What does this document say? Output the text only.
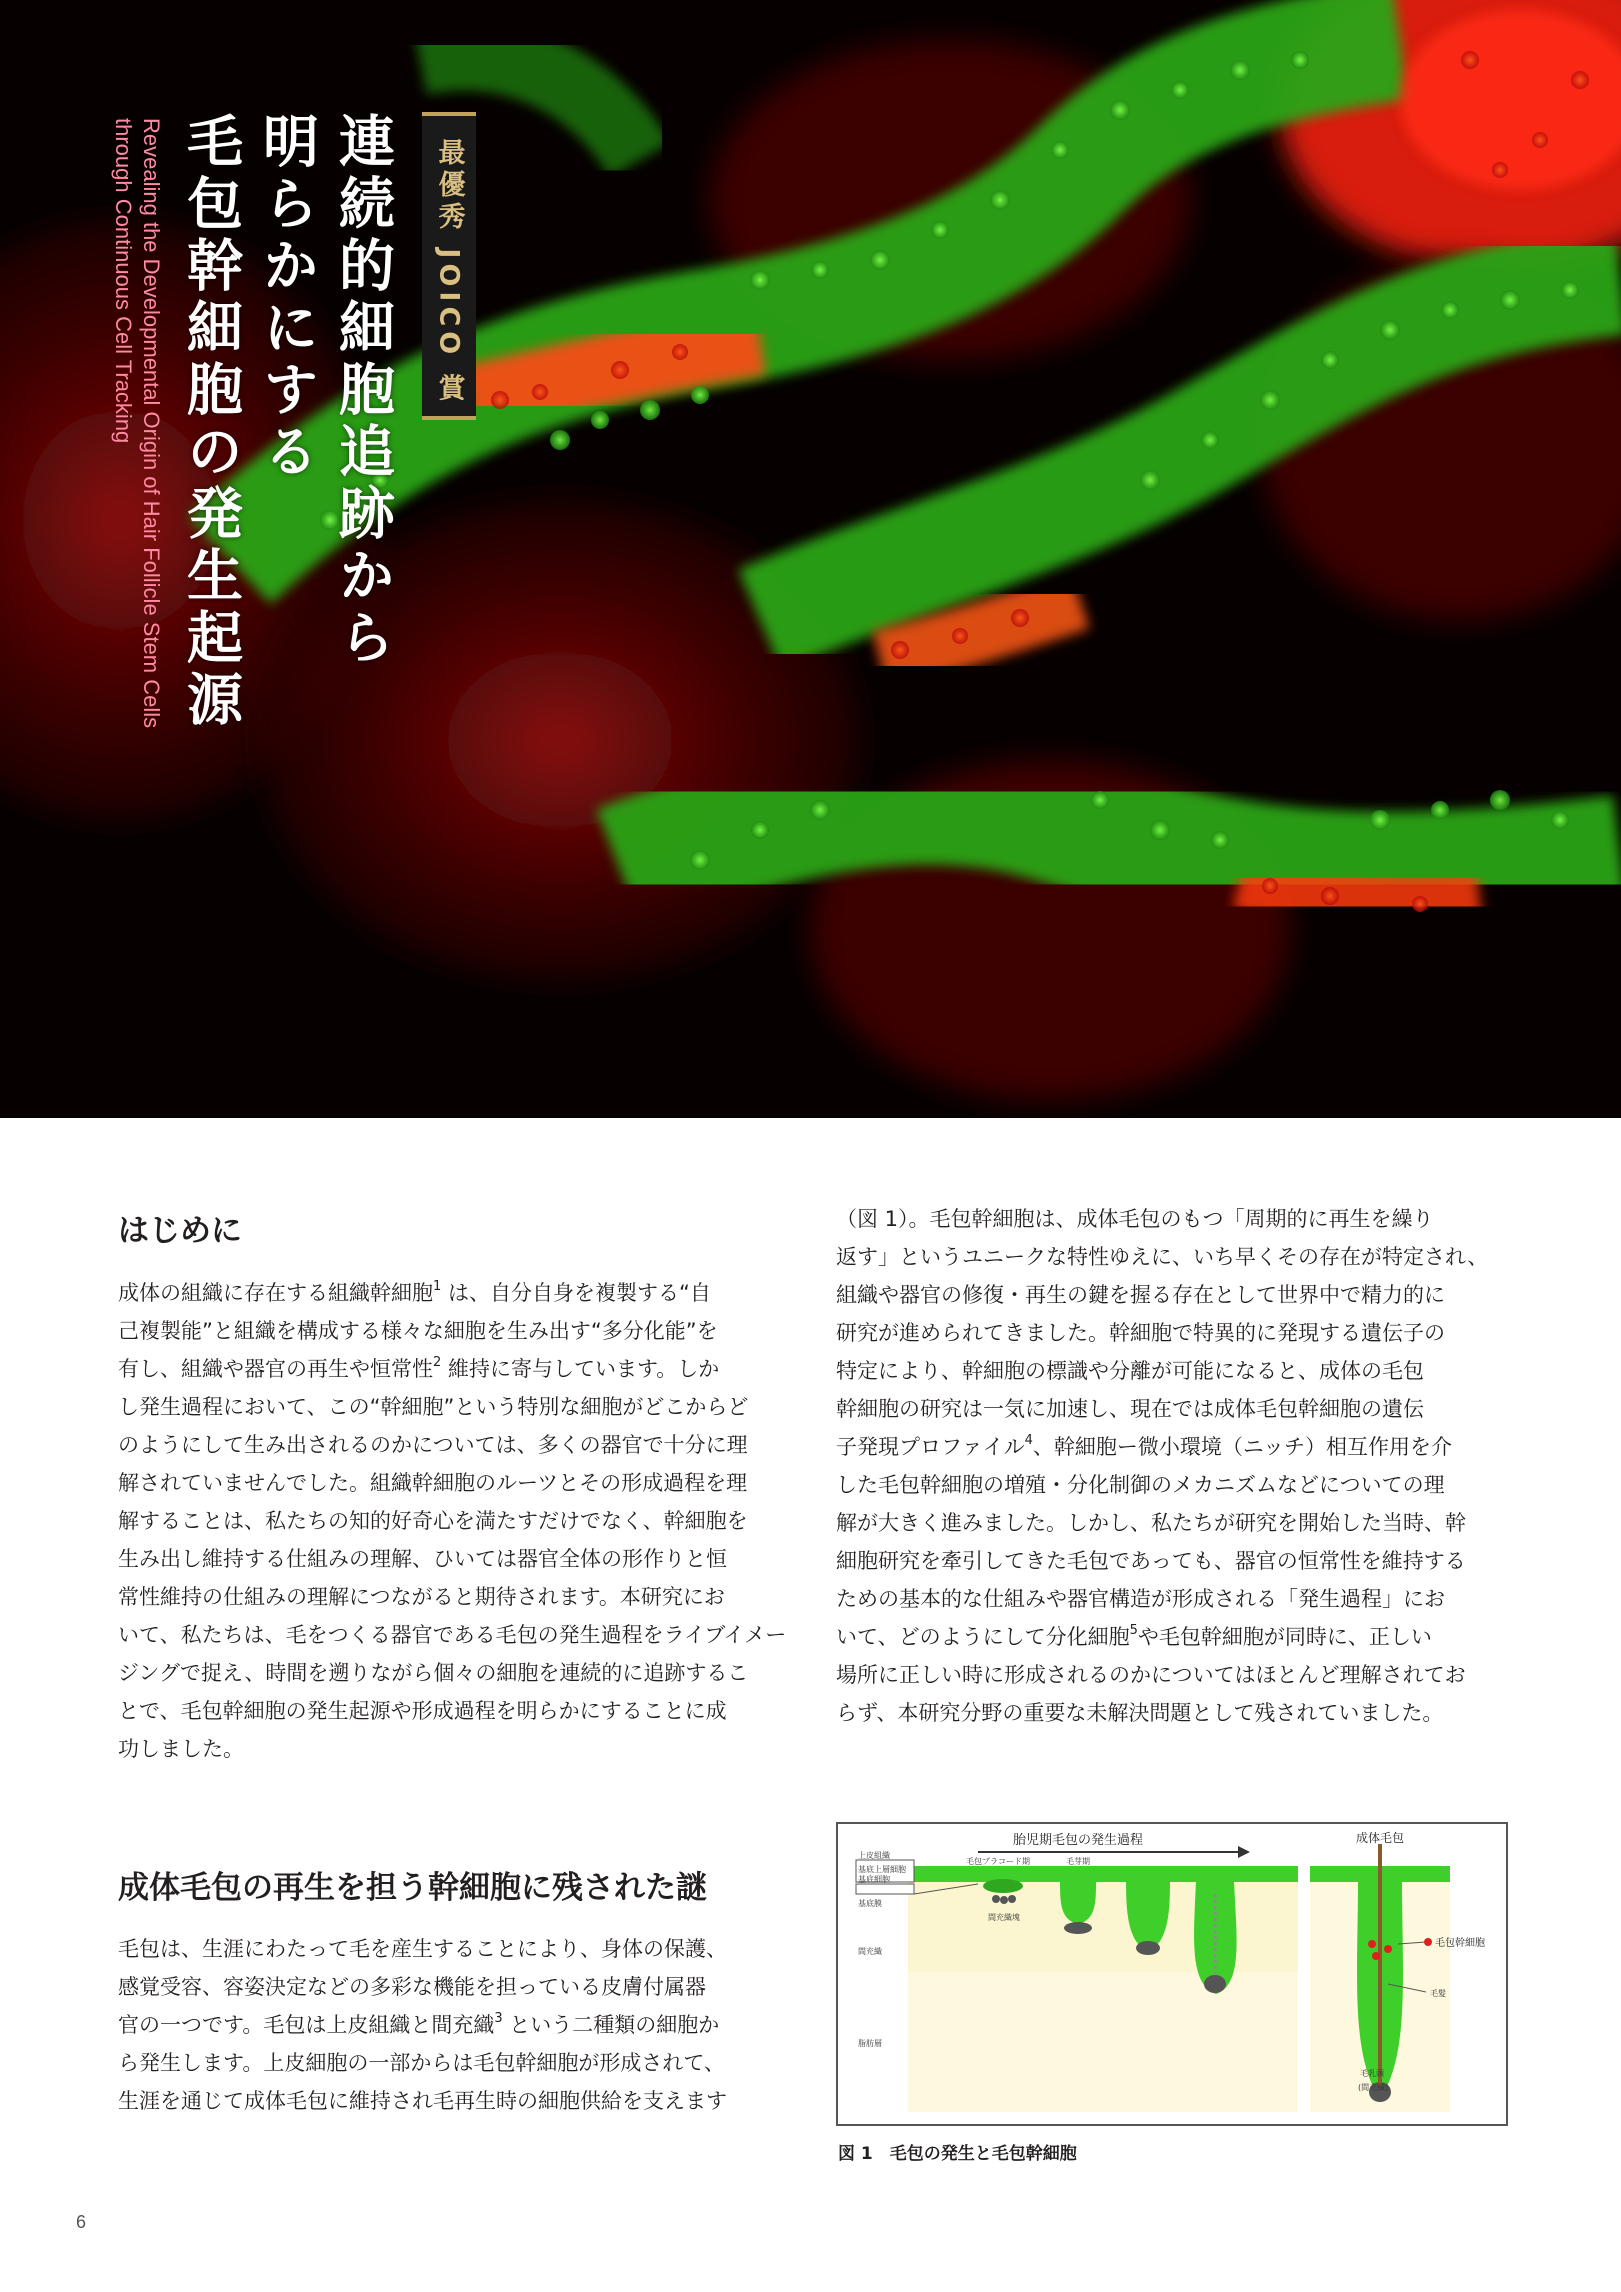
最優秀 JOICO 賞
連続的細胞追跡から
明らかにする
毛包幹細胞の発生起源
Revealing the Developmental Origin of Hair Follicle Stem Cells
through Continuous Cell Tracking
はじめに

成体の組織に存在する組織幹細胞$^1$ は、自分自身を複製する“自

己複製能”と組織を構成する様々な細胞を生み出す“多分化能”を

有し、組織や器官の再生や恒常性$^2$ 維持に寄与しています。しか

し発生過程において、この“幹細胞”という特別な細胞がどこからど

のようにして生み出されるのかについては、多くの器官で十分に理

解されていませんでした。組織幹細胞のルーツとその形成過程を理

解することは、私たちの知的好奇心を満たすだけでなく、幹細胞を

生み出し維持する仕組みの理解、ひいては器官全体の形作りと恒

常性維持の仕組みの理解につながると期待されます。本研究にお

いて、私たちは、毛をつくる器官である毛包の発生過程をライブイメー

ジングで捉え、時間を遡りながら個々の細胞を連続的に追跡するこ

とで、毛包幹細胞の発生起源や形成過程を明らかにすることに成

功しました。

成体毛包の再生を担う幹細胞に残された謎

毛包は、生涯にわたって毛を産生することにより、身体の保護、

感覚受容、容姿決定などの多彩な機能を担っている皮膚付属器

官の一つです。毛包は上皮組織と間充織$^3$ という二種類の細胞か

ら発生します。上皮細胞の一部からは毛包幹細胞が形成されて、

生涯を通じて成体毛包に維持され毛再生時の細胞供給を支えます

（図 1）。毛包幹細胞は、成体毛包のもつ「周期的に再生を繰り

返す」というユニークな特性ゆえに、いち早くその存在が特定され、

組織や器官の修復・再生の鍵を握る存在として世界中で精力的に

研究が進められてきました。幹細胞で特異的に発現する遺伝子の

特定により、幹細胞の標識や分離が可能になると、成体の毛包

幹細胞の研究は一気に加速し、現在では成体毛包幹細胞の遺伝

子発現プロファイル$^4$、幹細胞ー微小環境（ニッチ）相互作用を介

した毛包幹細胞の増殖・分化制御のメカニズムなどについての理

解が大きく進みました。しかし、私たちが研究を開始した当時、幹

細胞研究を牽引してきた毛包であっても、器官の恒常性を維持する

ための基本的な仕組みや器官構造が形成される「発生過程」にお

いて、どのようにして分化細胞$^5$や毛包幹細胞が同時に、正しい

場所に正しい時に形成されるのかについてはほとんど理解されてお

らず、本研究分野の重要な未解決問題として残されていました。

胎児期毛包の発生過程	成体毛包
上皮組織
基底上層細胞
基底細胞
基底膜
間充織
脂肪層
毛包プラコード期	毛芽期
間充織塊
毛包幹細胞
毛髪
毛乳頭
(間充織)
図 1　毛包の発生と毛包幹細胞
6
